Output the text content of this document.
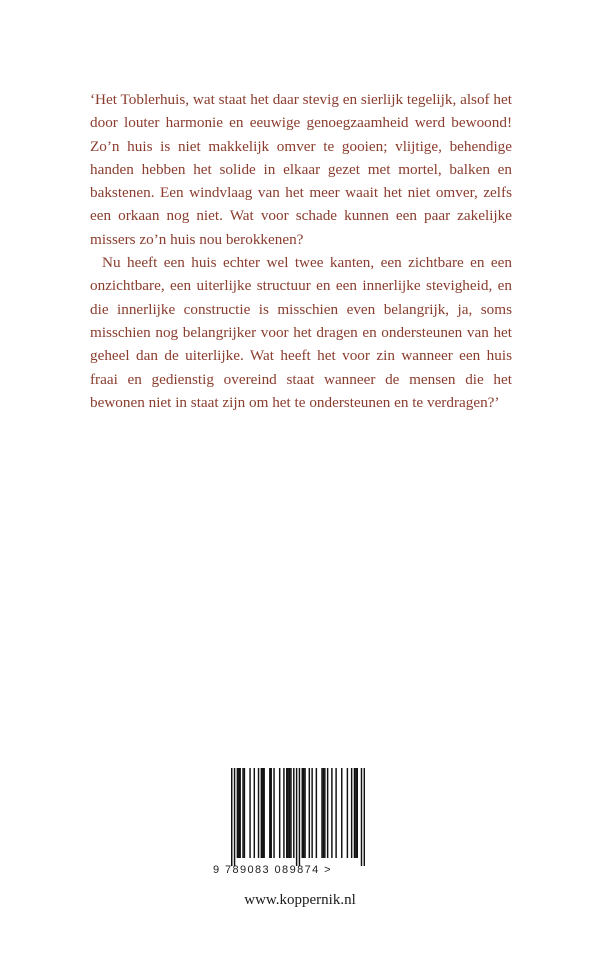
‘Het Toblerhuis, wat staat het daar stevig en sierlijk tegelijk, alsof het door louter harmonie en eeuwige genoegzaamheid werd bewoond! Zo’n huis is niet makkelijk omver te gooien; vlijtige, behendige handen hebben het solide in elkaar gezet met mortel, balken en bakstenen. Een windvlaag van het meer waait het niet omver, zelfs een orkaan nog niet. Wat voor schade kunnen een paar zakelijke missers zo’n huis nou berokkenen?

Nu heeft een huis echter wel twee kanten, een zichtbare en een onzichtbare, een uiterlijke structuur en een innerlijke stevigheid, en die innerlijke constructie is misschien even belangrijk, ja, soms misschien nog belangrijker voor het dragen en ondersteunen van het geheel dan de uiterlijke. Wat heeft het voor zin wanneer een huis fraai en gedienstig overeind staat wanneer de mensen die het bewonen niet in staat zijn om het te ondersteunen en te verdragen?’

9 789083 089874 >
www.koppernik.nl
